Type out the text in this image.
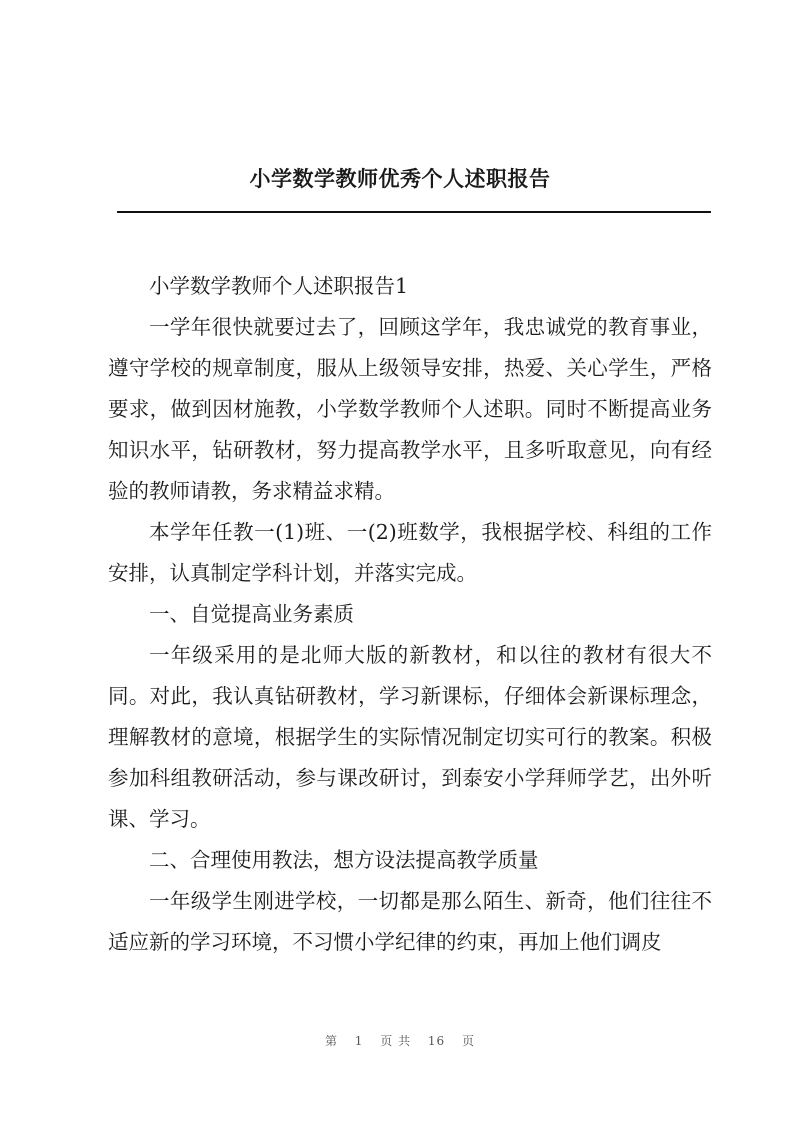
小学数学教师优秀个人述职报告

小学数学教师个人述职报告1

一学年很快就要过去了，回顾这学年，我忠诚党的教育事业，遵守学校的规章制度，服从上级领导安排，热爱、关心学生，严格要求，做到因材施教，小学数学教师个人述职。同时不断提高业务知识水平，钻研教材，努力提高教学水平，且多听取意见，向有经验的教师请教，务求精益求精。

本学年任教一(1)班、一(2)班数学，我根据学校、科组的工作安排，认真制定学科计划，并落实完成。

一、自觉提高业务素质

一年级采用的是北师大版的新教材，和以往的教材有很大不同。对此，我认真钻研教材，学习新课标，仔细体会新课标理念，理解教材的意境，根据学生的实际情况制定切实可行的教案。积极参加科组教研活动，参与课改研讨，到泰安小学拜师学艺，出外听课、学习。

二、合理使用教法，想方设法提高教学质量

一年级学生刚进学校，一切都是那么陌生、新奇，他们往往不适应新的学习环境，不习惯小学纪律的约束，再加上他们调皮

第 1 页 共 16 页
